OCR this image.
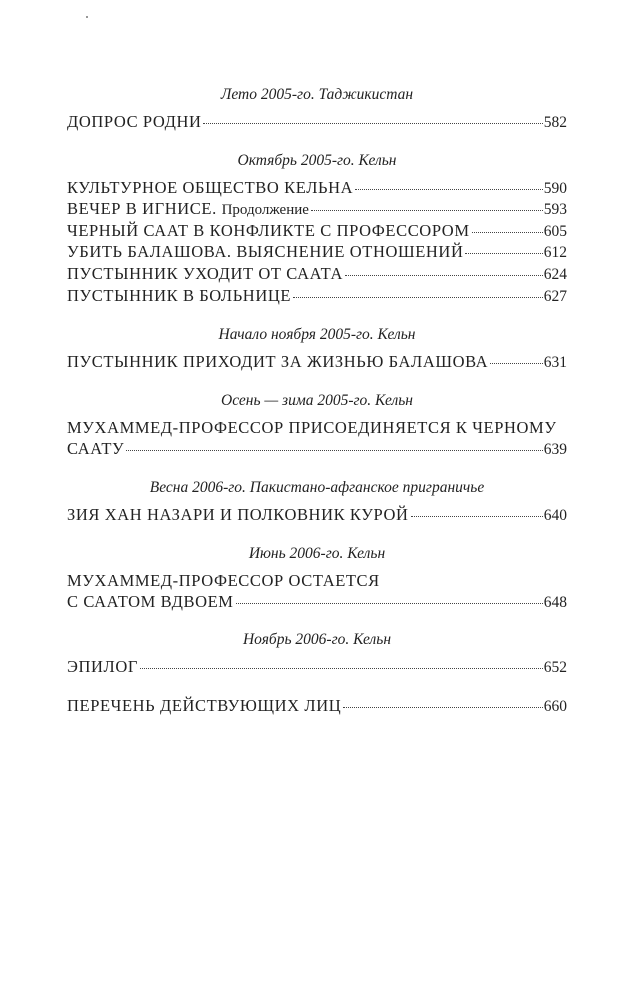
Лето 2005-го. Таджикистан
ДОПРОС РОДНИ	582
Октябрь 2005-го. Кельн
КУЛЬТУРНОЕ ОБЩЕСТВО КЕЛЬНА	590
ВЕЧЕР В ИГНИСЕ. Продолжение	593
ЧЕРНЫЙ СААТ В КОНФЛИКТЕ С ПРОФЕССОРОМ	605
УБИТЬ БАЛАШОВА. ВЫЯСНЕНИЕ ОТНОШЕНИЙ	612
ПУСТЫННИК УХОДИТ ОТ СААТА	624
ПУСТЫННИК В БОЛЬНИЦЕ	627
Начало ноября 2005-го. Кельн
ПУСТЫННИК ПРИХОДИТ ЗА ЖИЗНЬЮ БАЛАШОВА	631
Осень — зима 2005-го. Кельн
МУХАММЕД-ПРОФЕССОР ПРИСОЕДИНЯЕТСЯ К ЧЕРНОМУ
СААТУ	639
Весна 2006-го. Пакистано-афганское приграничье
ЗИЯ ХАН НАЗАРИ И ПОЛКОВНИК КУРОЙ	640
Июнь 2006-го. Кельн
МУХАММЕД-ПРОФЕССОР ОСТАЕТСЯ
С СААТОМ ВДВОЕМ	648
Ноябрь 2006-го. Кельн
ЭПИЛОГ	652
ПЕРЕЧЕНЬ ДЕЙСТВУЮЩИХ ЛИЦ	660
